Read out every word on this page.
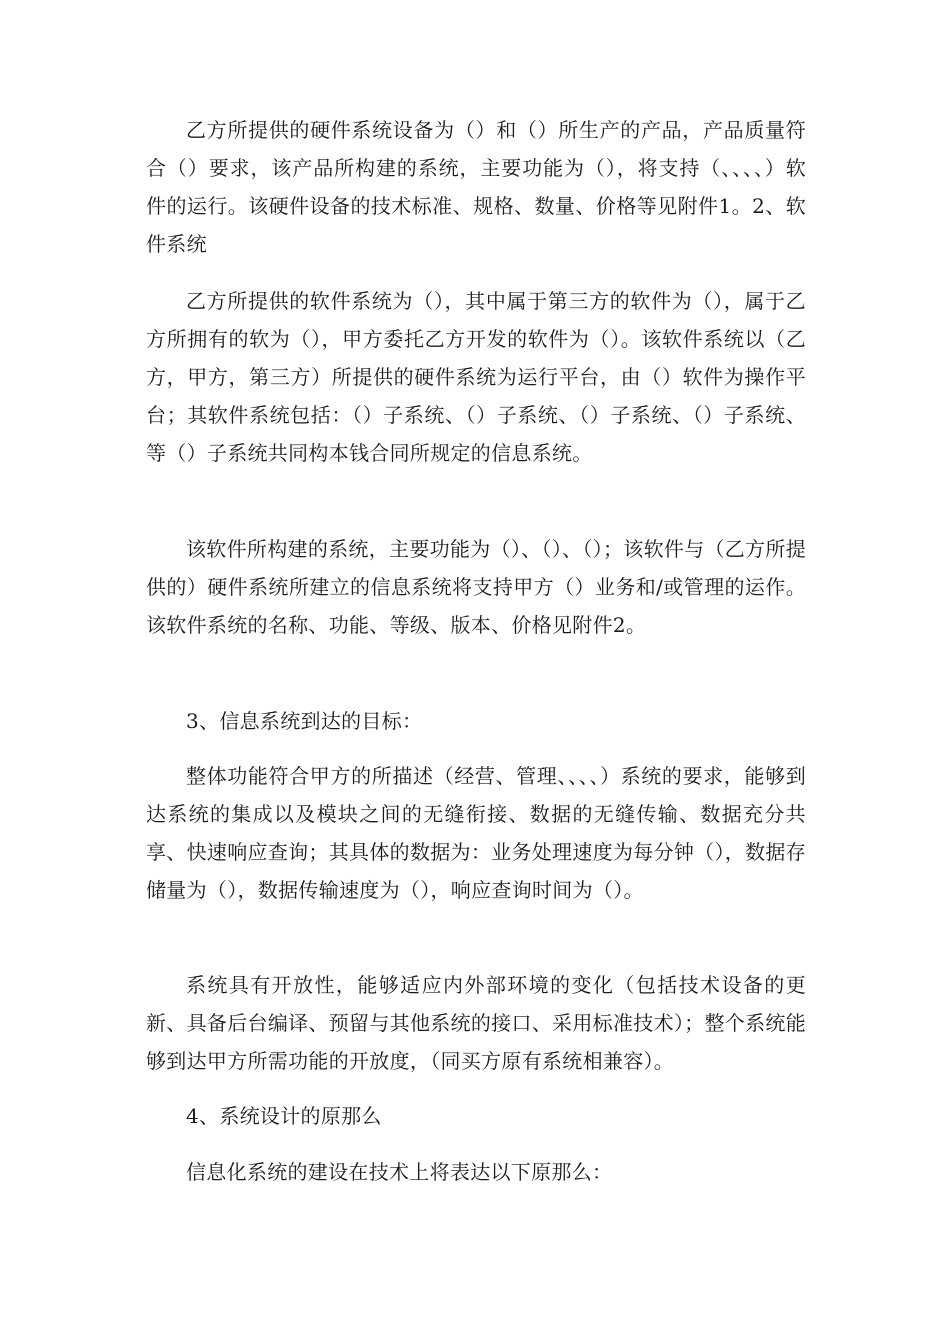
乙方所提供的硬件系统设备为（）和（）所生产的产品，产品质量符合（）要求，该产品所构建的系统，主要功能为（），将支持（、、、、）软件的运行。该硬件设备的技术标准、规格、数量、价格等见附件1。2、软件系统

乙方所提供的软件系统为（），其中属于第三方的软件为（），属于乙方所拥有的软为（），甲方委托乙方开发的软件为（）。该软件系统以（乙方，甲方，第三方）所提供的硬件系统为运行平台，由（）软件为操作平台；其软件系统包括：（）子系统、（）子系统、（）子系统、（）子系统、等（）子系统共同构本钱合同所规定的信息系统。

该软件所构建的系统，主要功能为（）、（）、（）；该软件与（乙方所提供的）硬件系统所建立的信息系统将支持甲方（）业务和/或管理的运作。该软件系统的名称、功能、等级、版本、价格见附件2。

3、信息系统到达的目标：

整体功能符合甲方的所描述（经营、管理、、、、）系统的要求，能够到达系统的集成以及模块之间的无缝衔接、数据的无缝传输、数据充分共享、快速响应查询；其具体的数据为：业务处理速度为每分钟（），数据存储量为（），数据传输速度为（），响应查询时间为（）。

系统具有开放性，能够适应内外部环境的变化（包括技术设备的更新、具备后台编译、预留与其他系统的接口、采用标准技术）；整个系统能够到达甲方所需功能的开放度，（同买方原有系统相兼容）。

4、系统设计的原那么

信息化系统的建设在技术上将表达以下原那么：
